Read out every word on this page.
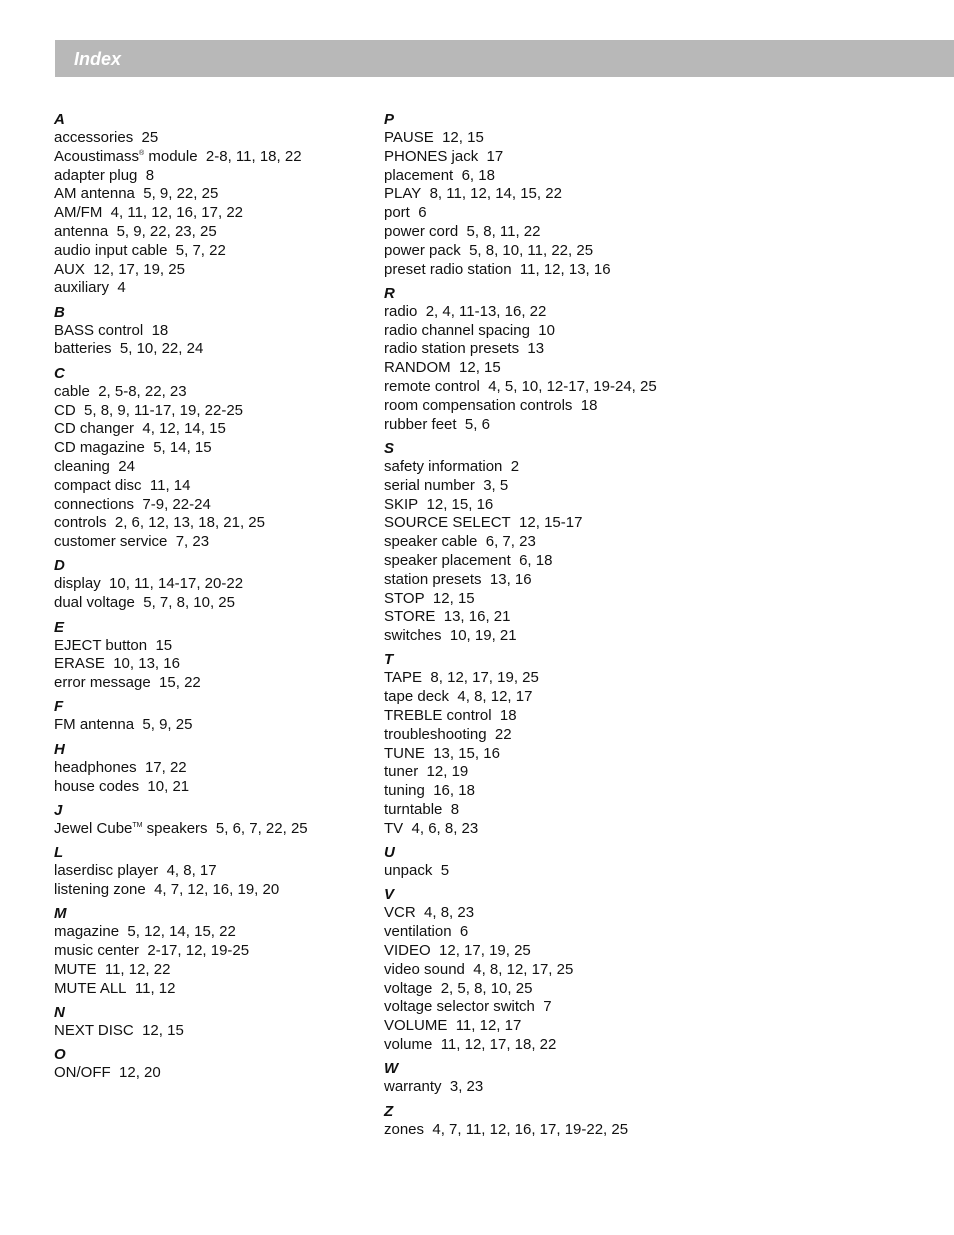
Index
A
accessories 25
Acoustimass® module 2-8, 11, 18, 22
adapter plug 8
AM antenna 5, 9, 22, 25
AM/FM 4, 11, 12, 16, 17, 22
antenna 5, 9, 22, 23, 25
audio input cable 5, 7, 22
AUX 12, 17, 19, 25
auxiliary 4
B
BASS control 18
batteries 5, 10, 22, 24
C
cable 2, 5-8, 22, 23
CD 5, 8, 9, 11-17, 19, 22-25
CD changer 4, 12, 14, 15
CD magazine 5, 14, 15
cleaning 24
compact disc 11, 14
connections 7-9, 22-24
controls 2, 6, 12, 13, 18, 21, 25
customer service 7, 23
D
display 10, 11, 14-17, 20-22
dual voltage 5, 7, 8, 10, 25
E
EJECT button 15
ERASE 10, 13, 16
error message 15, 22
F
FM antenna 5, 9, 25
H
headphones 17, 22
house codes 10, 21
J
Jewel Cube™ speakers 5, 6, 7, 22, 25
L
laserdisc player 4, 8, 17
listening zone 4, 7, 12, 16, 19, 20
M
magazine 5, 12, 14, 15, 22
music center 2-17, 12, 19-25
MUTE 11, 12, 22
MUTE ALL 11, 12
N
NEXT DISC 12, 15
O
ON/OFF 12, 20
P
PAUSE 12, 15
PHONES jack 17
placement 6, 18
PLAY 8, 11, 12, 14, 15, 22
port 6
power cord 5, 8, 11, 22
power pack 5, 8, 10, 11, 22, 25
preset radio station 11, 12, 13, 16
R
radio 2, 4, 11-13, 16, 22
radio channel spacing 10
radio station presets 13
RANDOM 12, 15
remote control 4, 5, 10, 12-17, 19-24, 25
room compensation controls 18
rubber feet 5, 6
S
safety information 2
serial number 3, 5
SKIP 12, 15, 16
SOURCE SELECT 12, 15-17
speaker cable 6, 7, 23
speaker placement 6, 18
station presets 13, 16
STOP 12, 15
STORE 13, 16, 21
switches 10, 19, 21
T
TAPE 8, 12, 17, 19, 25
tape deck 4, 8, 12, 17
TREBLE control 18
troubleshooting 22
TUNE 13, 15, 16
tuner 12, 19
tuning 16, 18
turntable 8
TV 4, 6, 8, 23
U
unpack 5
V
VCR 4, 8, 23
ventilation 6
VIDEO 12, 17, 19, 25
video sound 4, 8, 12, 17, 25
voltage 2, 5, 8, 10, 25
voltage selector switch 7
VOLUME 11, 12, 17
volume 11, 12, 17, 18, 22
W
warranty 3, 23
Z
zones 4, 7, 11, 12, 16, 17, 19-22, 25
